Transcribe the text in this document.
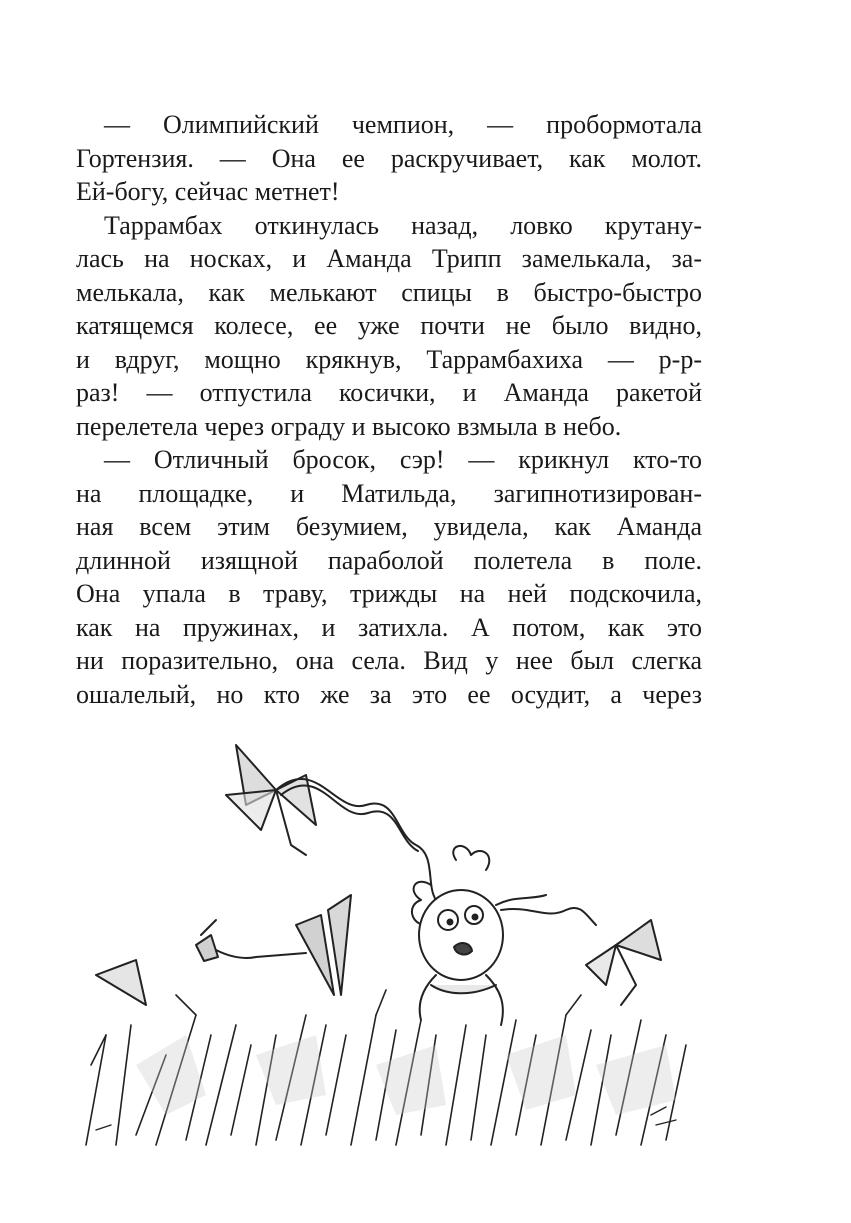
— Олимпийский чемпион, — пробормотала
Гортензия. — Она ее раскручивает, как молот.
Ей-богу, сейчас метнет!
Таррамбах откинулась назад, ловко крутану-
лась на носках, и Аманда Трипп замелькала, за-
мелькала, как мелькают спицы в быстро-быстро
катящемся колесе, ее уже почти не было видно,
и вдруг, мощно крякнув, Таррамбахиха — р-р-
раз! — отпустила косички, и Аманда ракетой
перелетела через ограду и высоко взмыла в небо.
— Отличный бросок, сэр! — крикнул кто-то
на площадке, и Матильда, загипнотизирован-
ная всем этим безумием, увидела, как Аманда
длинной изящной параболой полетела в поле.
Она упала в траву, трижды на ней подскочила,
как на пружинах, и затихла. А потом, как это
ни поразительно, она села. Вид у нее был слегка
ошалелый, но кто же за это ее осудит, а через
